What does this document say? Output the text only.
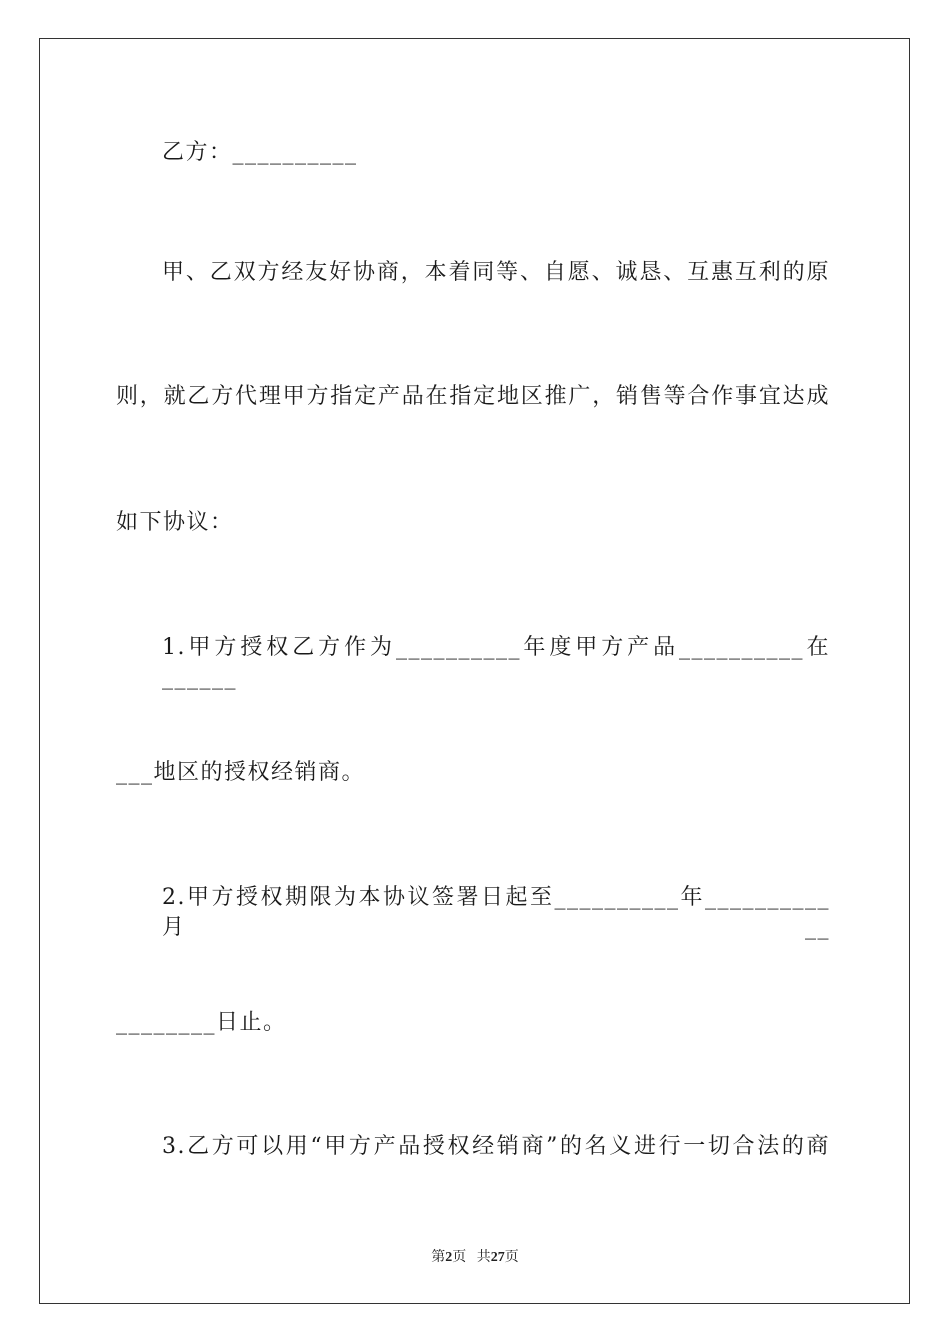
乙方：__________
甲、乙双方经友好协商，本着同等、自愿、诚恳、互惠互利的原
则，就乙方代理甲方指定产品在指定地区推广，销售等合作事宜达成
如下协议：
1.甲方授权乙方作为__________年度甲方产品__________在______
___地区的授权经销商。
2.甲方授权期限为本协议签署日起至__________年__________月__
________日止。
3.乙方可以用“甲方产品授权经销商”的名义进行一切合法的商
第2页 共27页
